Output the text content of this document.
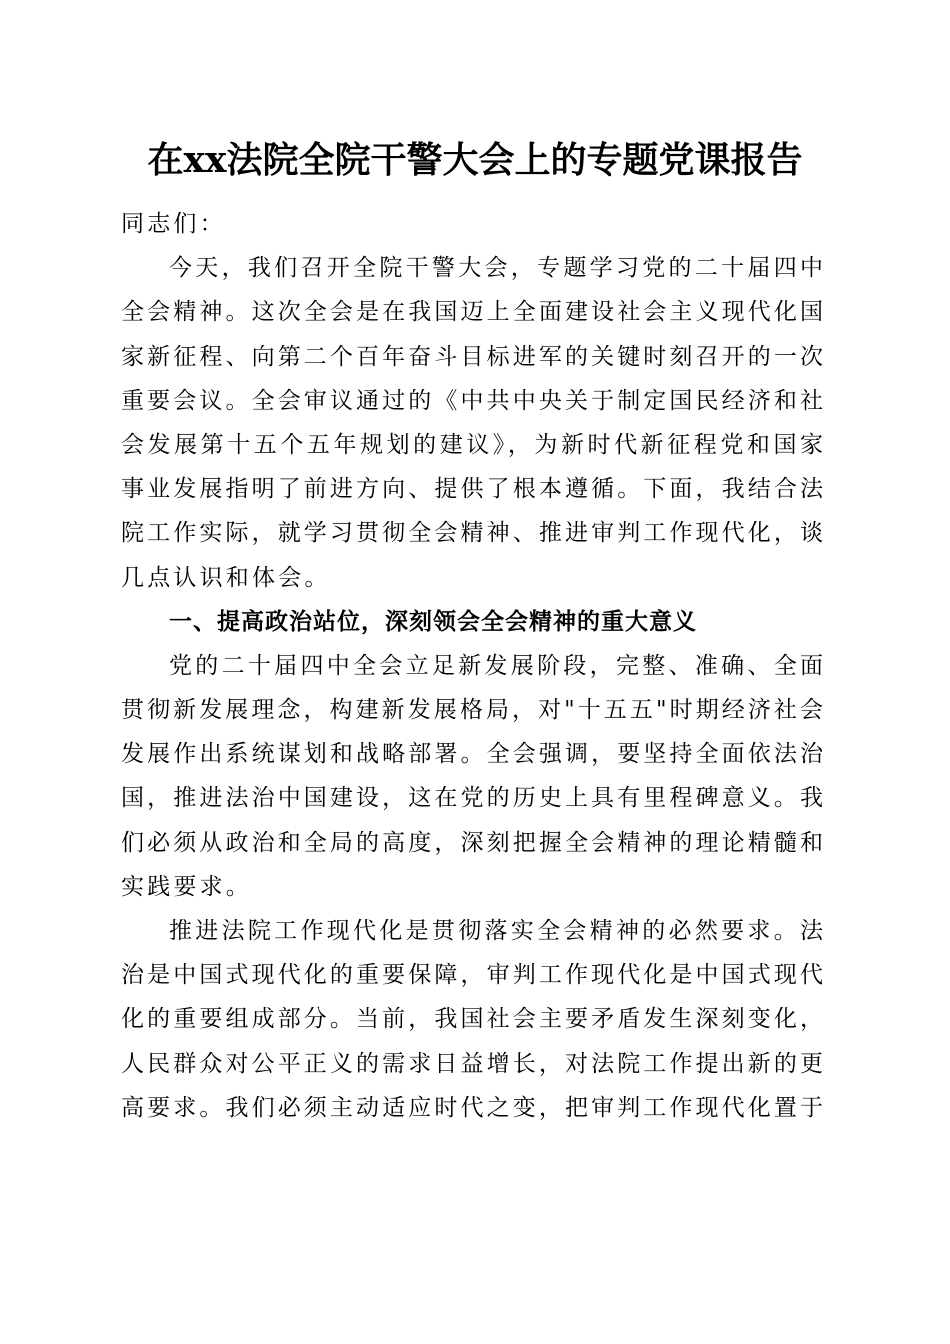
在xx法院全院干警大会上的专题党课报告
同志们：
今天，我们召开全院干警大会，专题学习党的二十届四中
全会精神。这次全会是在我国迈上全面建设社会主义现代化国
家新征程、向第二个百年奋斗目标进军的关键时刻召开的一次
重要会议。全会审议通过的《中共中央关于制定国民经济和社
会发展第十五个五年规划的建议》，为新时代新征程党和国家
事业发展指明了前进方向、提供了根本遵循。下面，我结合法
院工作实际，就学习贯彻全会精神、推进审判工作现代化，谈
几点认识和体会。
一、提高政治站位，深刻领会全会精神的重大意义
党的二十届四中全会立足新发展阶段，完整、准确、全面
贯彻新发展理念，构建新发展格局，对"十五五"时期经济社会
发展作出系统谋划和战略部署。全会强调，要坚持全面依法治
国，推进法治中国建设，这在党的历史上具有里程碑意义。我
们必须从政治和全局的高度，深刻把握全会精神的理论精髓和
实践要求。
推进法院工作现代化是贯彻落实全会精神的必然要求。法
治是中国式现代化的重要保障，审判工作现代化是中国式现代
化的重要组成部分。当前，我国社会主要矛盾发生深刻变化，
人民群众对公平正义的需求日益增长，对法院工作提出新的更
高要求。我们必须主动适应时代之变，把审判工作现代化置于
